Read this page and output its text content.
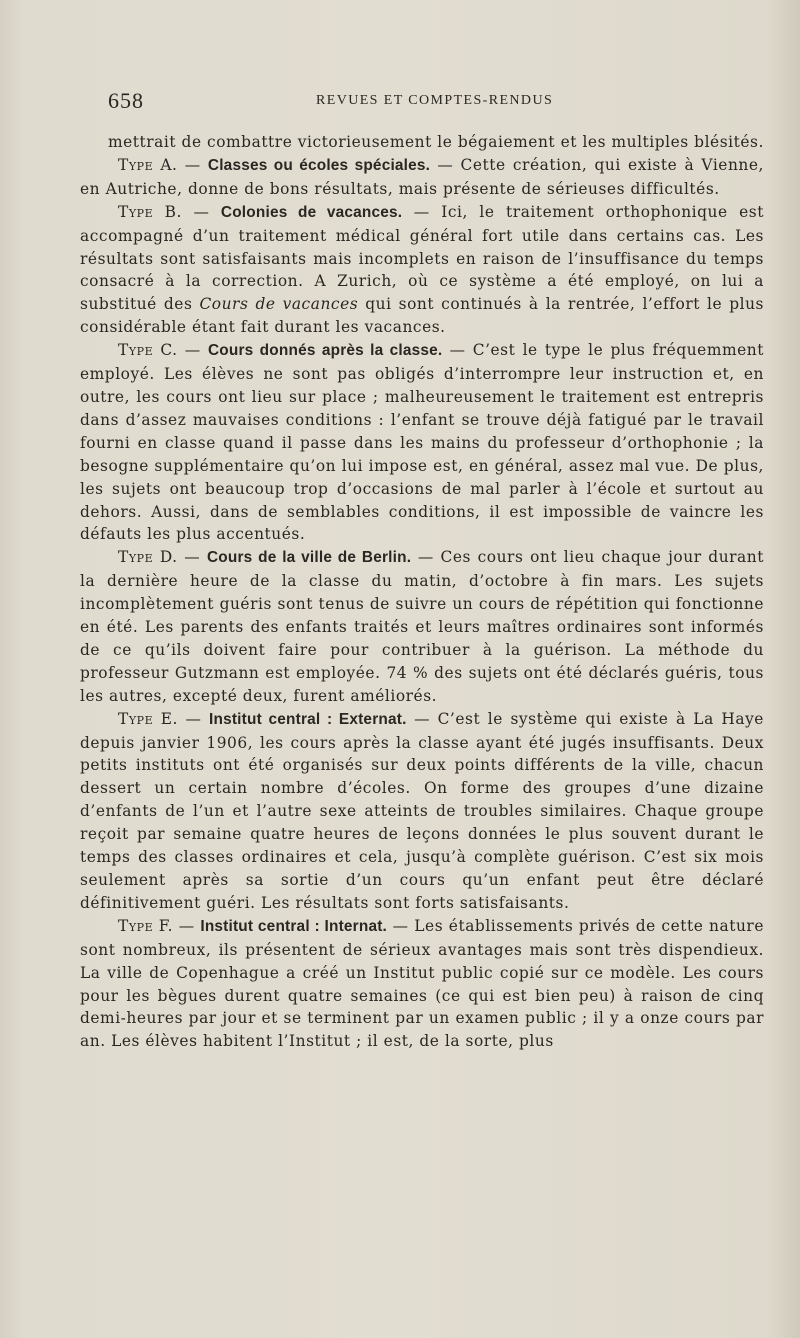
658	REVUES ET COMPTES-RENDUS

mettrait de combattre victorieusement le bégaiement et les multiples blésités.

Type A. — Classes ou écoles spéciales. — Cette création, qui existe à Vienne, en Autriche, donne de bons résultats, mais présente de sérieuses difficultés.

Type B. — Colonies de vacances. — Ici, le traitement orthophonique est accompagné d’un traitement médical général fort utile dans certains cas. Les résultats sont satisfaisants mais incomplets en raison de l’insuffisance du temps consacré à la correction. A Zurich, où ce système a été employé, on lui a substitué des Cours de vacances qui sont continués à la rentrée, l’effort le plus considérable étant fait durant les vacances.

Type C. — Cours donnés après la classe. — C’est le type le plus fréquemment employé. Les élèves ne sont pas obligés d’interrompre leur instruction et, en outre, les cours ont lieu sur place ; malheureusement le traitement est entrepris dans d’assez mauvaises conditions : l’enfant se trouve déjà fatigué par le travail fourni en classe quand il passe dans les mains du professeur d’orthophonie ; la besogne supplémentaire qu’on lui impose est, en général, assez mal vue. De plus, les sujets ont beaucoup trop d’occasions de mal parler à l’école et surtout au dehors. Aussi, dans de semblables conditions, il est impossible de vaincre les défauts les plus accentués.

Type D. — Cours de la ville de Berlin. — Ces cours ont lieu chaque jour durant la dernière heure de la classe du matin, d’octobre à fin mars. Les sujets incomplètement guéris sont tenus de suivre un cours de répétition qui fonctionne en été. Les parents des enfants traités et leurs maîtres ordinaires sont informés de ce qu’ils doivent faire pour contribuer à la guérison. La méthode du professeur Gutzmann est employée. 74 % des sujets ont été déclarés guéris, tous les autres, excepté deux, furent améliorés.

Type E. — Institut central : Externat. — C’est le système qui existe à La Haye depuis janvier 1906, les cours après la classe ayant été jugés insuffisants. Deux petits instituts ont été organisés sur deux points différents de la ville, chacun dessert un certain nombre d’écoles. On forme des groupes d’une dizaine d’enfants de l’un et l’autre sexe atteints de troubles similaires. Chaque groupe reçoit par semaine quatre heures de leçons données le plus souvent durant le temps des classes ordinaires et cela, jusqu’à complète guérison. C’est six mois seulement après sa sortie d’un cours qu’un enfant peut être déclaré définitivement guéri. Les résultats sont forts satisfaisants.

Type F. — Institut central : Internat. — Les établissements privés de cette nature sont nombreux, ils présentent de sérieux avantages mais sont très dispendieux. La ville de Copenhague a créé un Institut public copié sur ce modèle. Les cours pour les bègues durent quatre semaines (ce qui est bien peu) à raison de cinq demi-heures par jour et se terminent par un examen public ; il y a onze cours par an. Les élèves habitent l’Institut ; il est, de la sorte, plus
